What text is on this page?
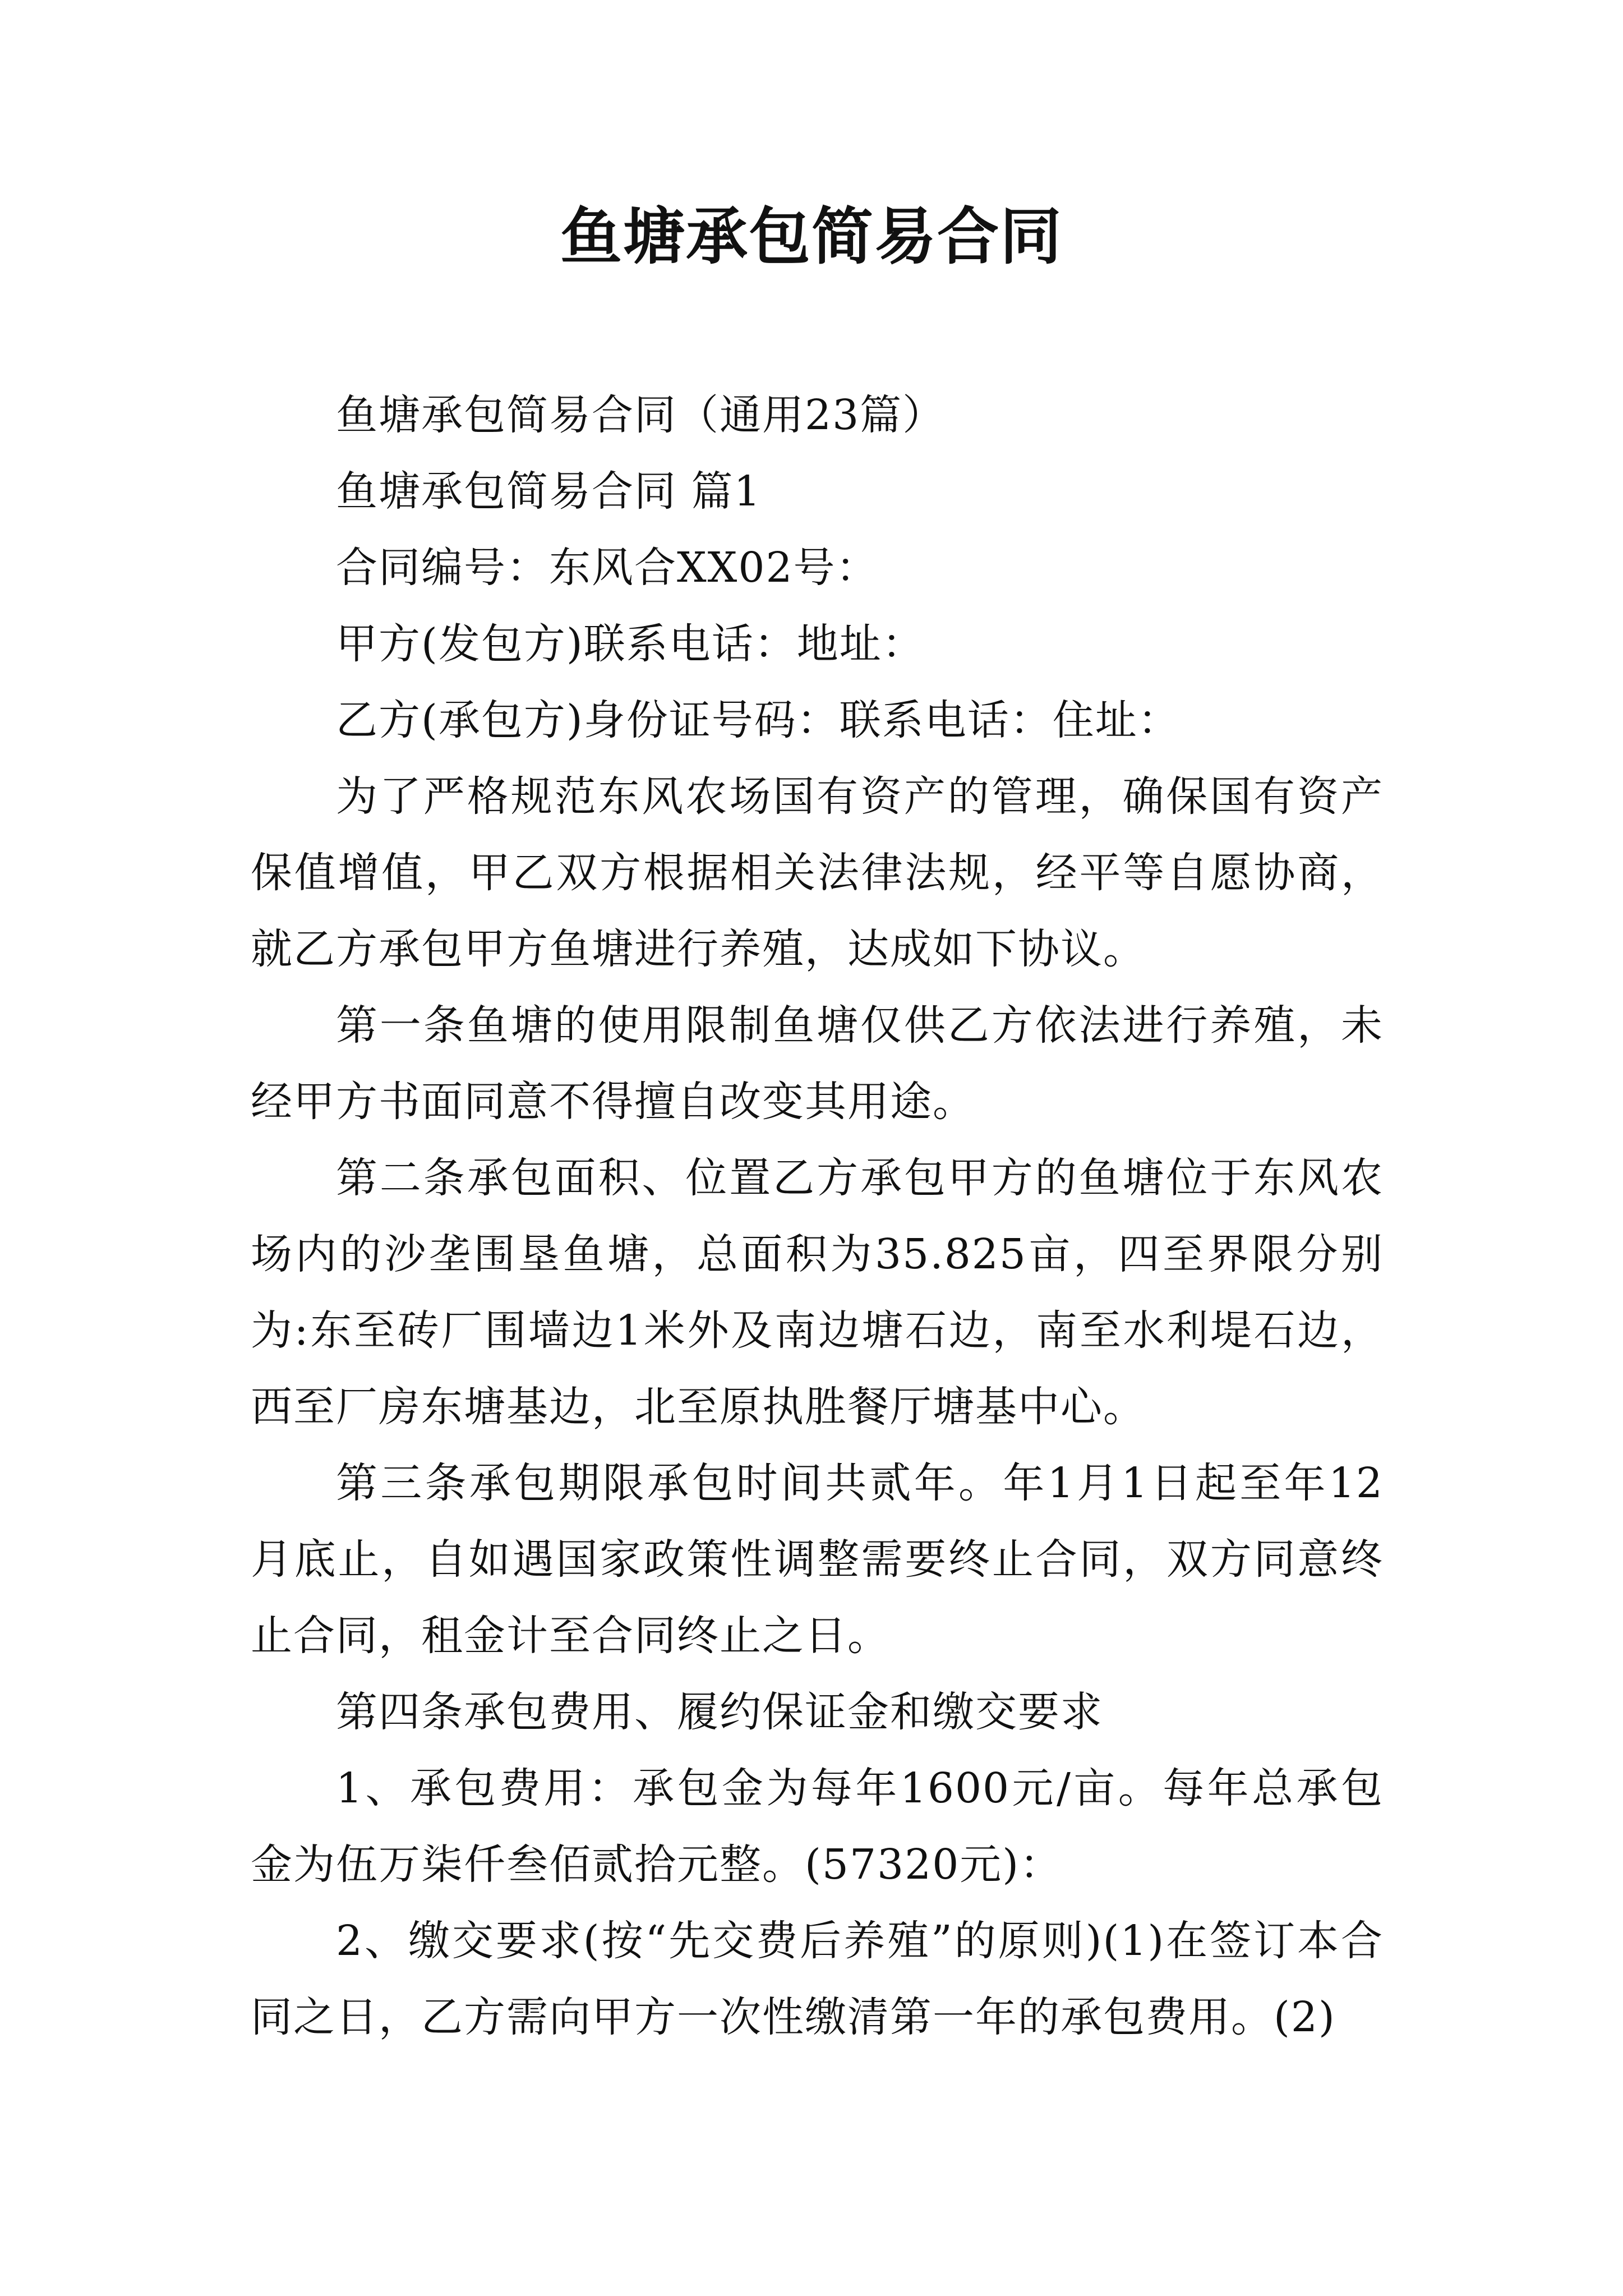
鱼塘承包简易合同

鱼塘承包简易合同（通用23篇）

鱼塘承包简易合同 篇1

合同编号：东风合XX02号：

甲方(发包方)联系电话：地址：

乙方(承包方)身份证号码：联系电话：住址：

为了严格规范东风农场国有资产的管理，确保国有资产保值增值，甲乙双方根据相关法律法规，经平等自愿协商，就乙方承包甲方鱼塘进行养殖，达成如下协议。

第一条鱼塘的使用限制鱼塘仅供乙方依法进行养殖，未经甲方书面同意不得擅自改变其用途。

第二条承包面积、位置乙方承包甲方的鱼塘位于东风农场内的沙垄围垦鱼塘，总面积为35.825亩，四至界限分别为:东至砖厂围墙边1米外及南边塘石边，南至水利堤石边，西至厂房东塘基边，北至原执胜餐厅塘基中心。

第三条承包期限承包时间共贰年。年1月1日起至年12月底止，自如遇国家政策性调整需要终止合同，双方同意终止合同，租金计至合同终止之日。

第四条承包费用、履约保证金和缴交要求

1、承包费用：承包金为每年1600元/亩。每年总承包金为伍万柒仟叁佰贰拾元整。(57320元)：

2、缴交要求(按“先交费后养殖”的原则)(1)在签订本合同之日，乙方需向甲方一次性缴清第一年的承包费用。(2)
